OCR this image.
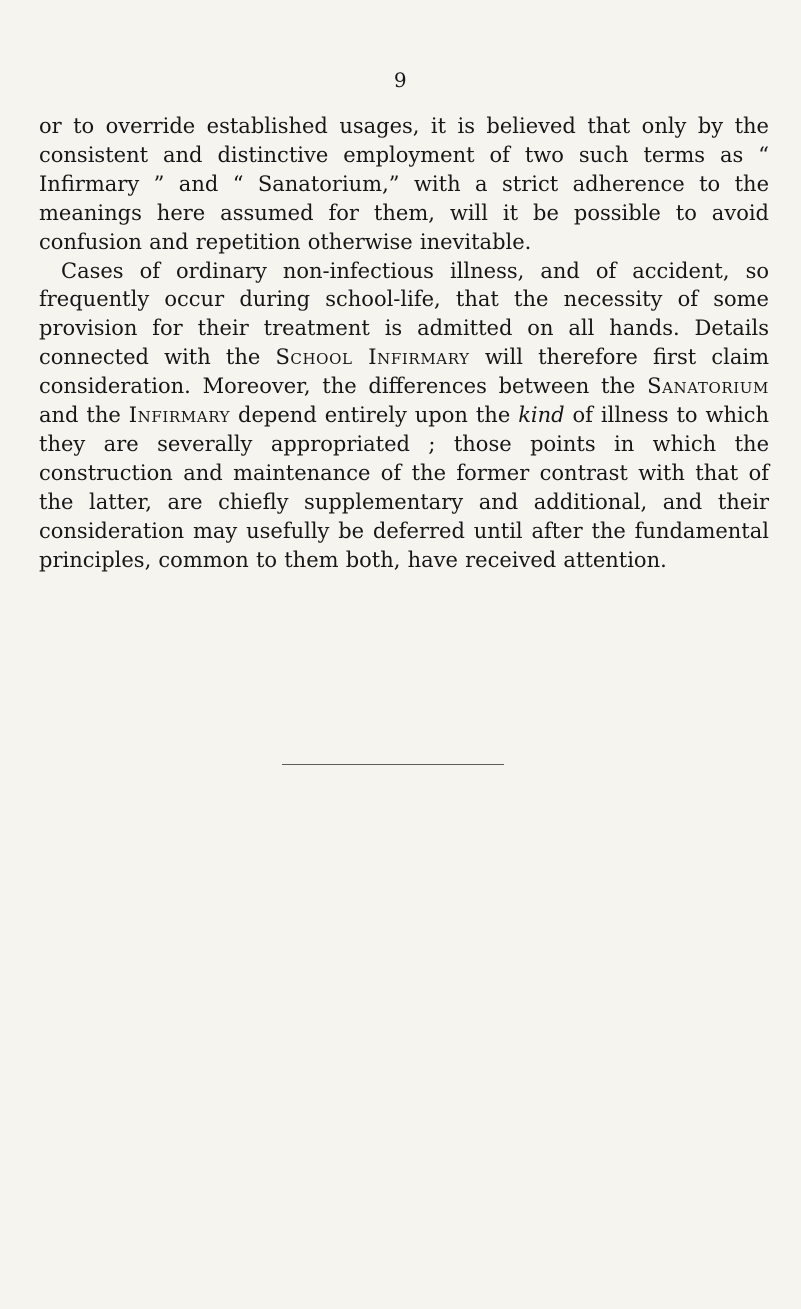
9

or to override established usages, it is believed that only by the consistent and distinctive employment of two such terms as “ Infirmary ” and “ Sanatorium,” with a strict adherence to the meanings here assumed for them, will it be possible to avoid confusion and repetition otherwise inevitable.

Cases of ordinary non-infectious illness, and of accident, so frequently occur during school-life, that the necessity of some provision for their treatment is admitted on all hands. Details connected with the School Infirmary will therefore first claim consideration. Moreover, the differences between the Sanatorium and the Infirmary depend entirely upon the kind of illness to which they are severally appropriated ; those points in which the construction and maintenance of the former contrast with that of the latter, are chiefly supplementary and additional, and their consideration may usefully be deferred until after the fundamental principles, common to them both, have received attention.
